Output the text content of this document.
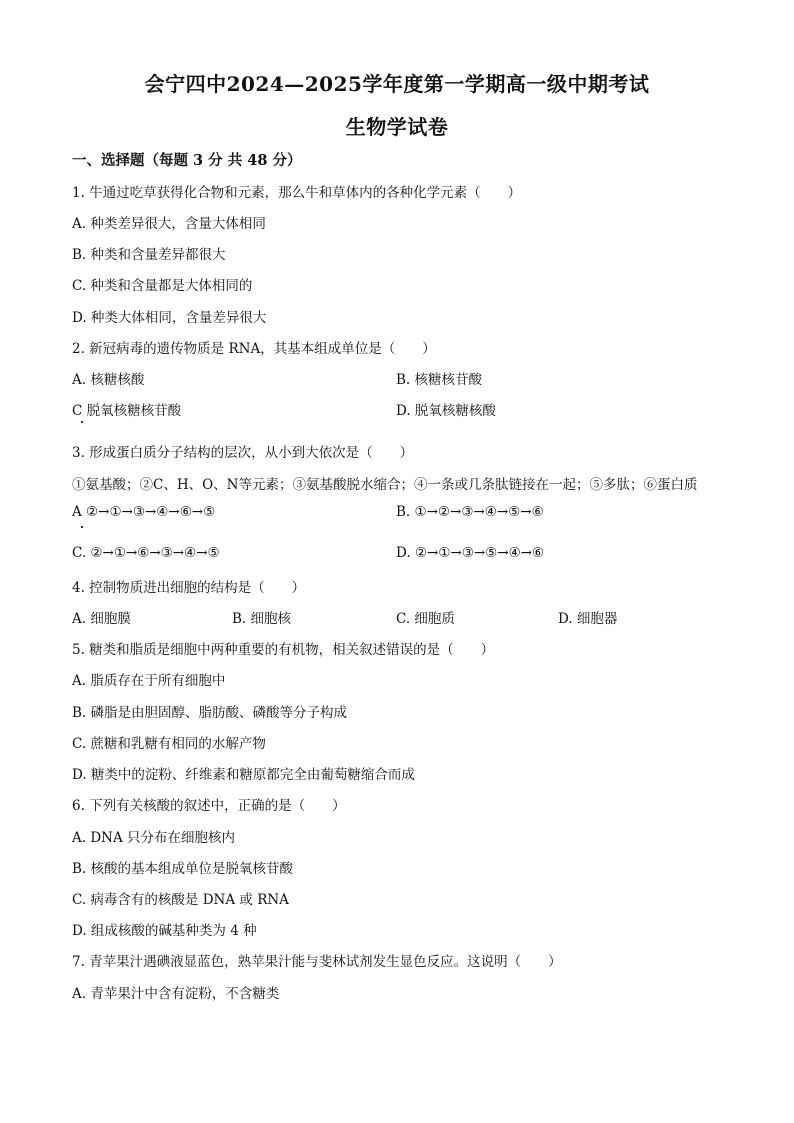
会宁四中2024—2025学年度第一学期高一级中期考试
生物学试卷
一、选择题（每题 3 分 共 48 分）
1. 牛通过吃草获得化合物和元素，那么牛和草体内的各种化学元素（　　）
A. 种类差异很大，含量大体相同
B. 种类和含量差异都很大
C. 种类和含量都是大体相同的
D. 种类大体相同，含量差异很大
2. 新冠病毒的遗传物质是 RNA，其基本组成单位是（　　）
A. 核糖核酸	B. 核糖核苷酸
C 脱氧核糖核苷酸	D. 脱氧核糖核酸
3. 形成蛋白质分子结构的层次，从小到大依次是（　　）
①氨基酸；②C、H、O、N等元素；③氨基酸脱水缩合；④一条或几条肽链接在一起；⑤多肽；⑥蛋白质
A ②→①→③→④→⑥→⑤	B. ①→②→③→④→⑤→⑥
C. ②→①→⑥→③→④→⑤	D. ②→①→③→⑤→④→⑥
4. 控制物质进出细胞的结构是（　　）
A. 细胞膜	B. 细胞核	C. 细胞质	D. 细胞器
5. 糖类和脂质是细胞中两种重要的有机物，相关叙述错误的是（　　）
A. 脂质存在于所有细胞中
B. 磷脂是由胆固醇、脂肪酸、磷酸等分子构成
C. 蔗糖和乳糖有相同的水解产物
D. 糖类中的淀粉、纤维素和糖原都完全由葡萄糖缩合而成
6. 下列有关核酸的叙述中，正确的是（　　）
A. DNA 只分布在细胞核内
B. 核酸的基本组成单位是脱氧核苷酸
C. 病毒含有的核酸是 DNA 或 RNA
D. 组成核酸的碱基种类为 4 种
7. 青苹果汁遇碘液显蓝色，熟苹果汁能与斐林试剂发生显色反应。这说明（　　）
A. 青苹果汁中含有淀粉，不含糖类
